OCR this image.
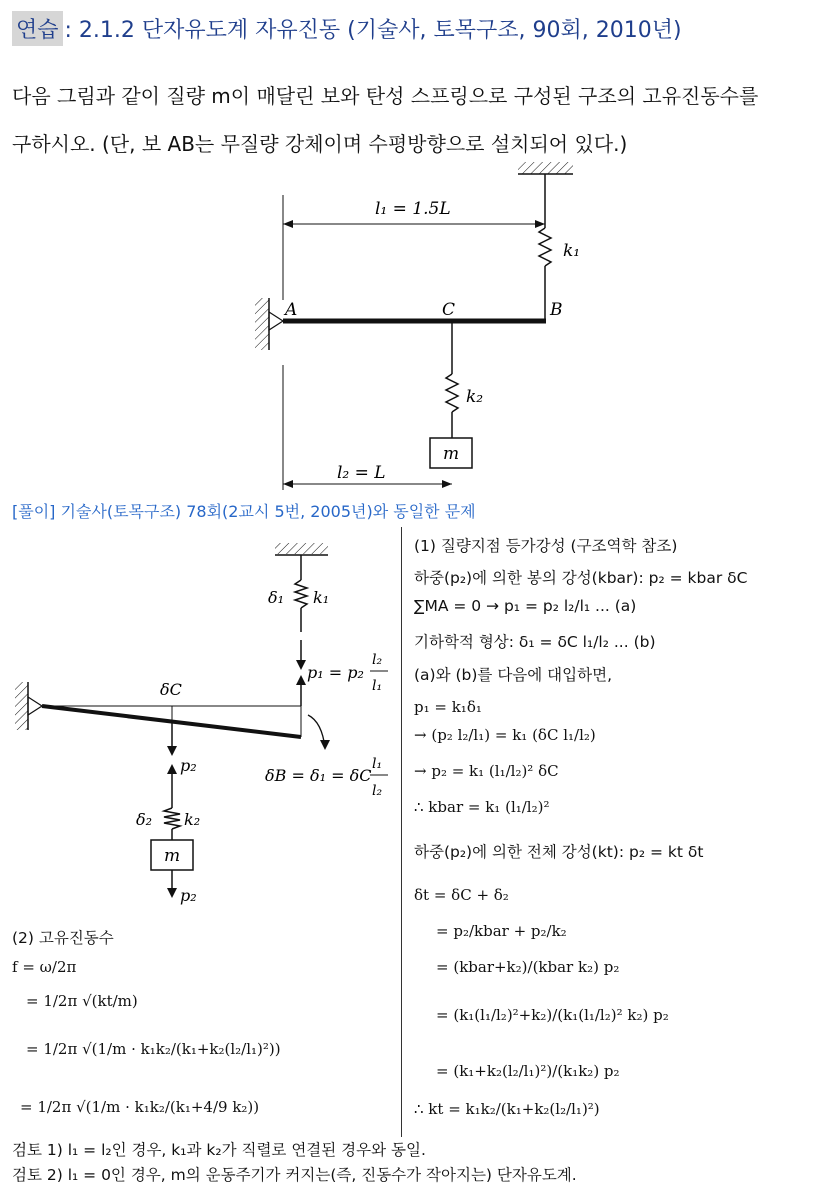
연습 : 2.1.2 단자유도계 자유진동 (기술사, 토목구조, 90회, 2010년)
다음 그림과 같이 질량 m이 매달린 보와 탄성 스프링으로 구성된 구조의 고유진동수를
구하시오. (단, 보 AB는 무질량 강체이며 수평방향으로 설치되어 있다.)
l₁ = 1.5L
k₁
A	C	B
k₂
m
l₂ = L
[풀이] 기술사(토목구조) 78회(2교시 5번, 2005년)와 동일한 문제
δ₁ k₁
p₁ = p₂
l₂
l₁
δC
δB = δ₁ = δC
l₁
l₂
p₂
δ₂ k₂
m
p₂
(1) 질량지점 등가강성 (구조역학 참조)
하중(p₂)에 의한 봉의 강성(kbar): p₂ = kbar δC
∑MA = 0 → p₁ = p₂ l₂/l₁ ... (a)
기하학적 형상: δ₁ = δC l₁/l₂ ... (b)
(a)와 (b)를 다음에 대입하면,
p₁ = k₁δ₁
→ (p₂ l₂/l₁) = k₁ (δC l₁/l₂)
→ p₂ = k₁ (l₁/l₂)² δC
∴ kbar = k₁ (l₁/l₂)²
하중(p₂)에 의한 전체 강성(kt): p₂ = kt δt
δt = δC + δ₂
= p₂/kbar + p₂/k₂
= (kbar+k₂)/(kbar k₂) p₂
= (k₁(l₁/l₂)²+k₂)/(k₁(l₁/l₂)² k₂) p₂
= (k₁+k₂(l₂/l₁)²)/(k₁k₂) p₂
∴ kt = k₁k₂/(k₁+k₂(l₂/l₁)²)
(2) 고유진동수
f = ω/2π
= 1/2π √(kt/m)
= 1/2π √(1/m · k₁k₂/(k₁+k₂(l₂/l₁)²))
= 1/2π √(1/m · k₁k₂/(k₁+4/9 k₂))
검토 1) l₁ = l₂인 경우, k₁과 k₂가 직렬로 연결된 경우와 동일.
검토 2) l₁ = 0인 경우, m의 운동주기가 커지는(즉, 진동수가 작아지는) 단자유도계.
